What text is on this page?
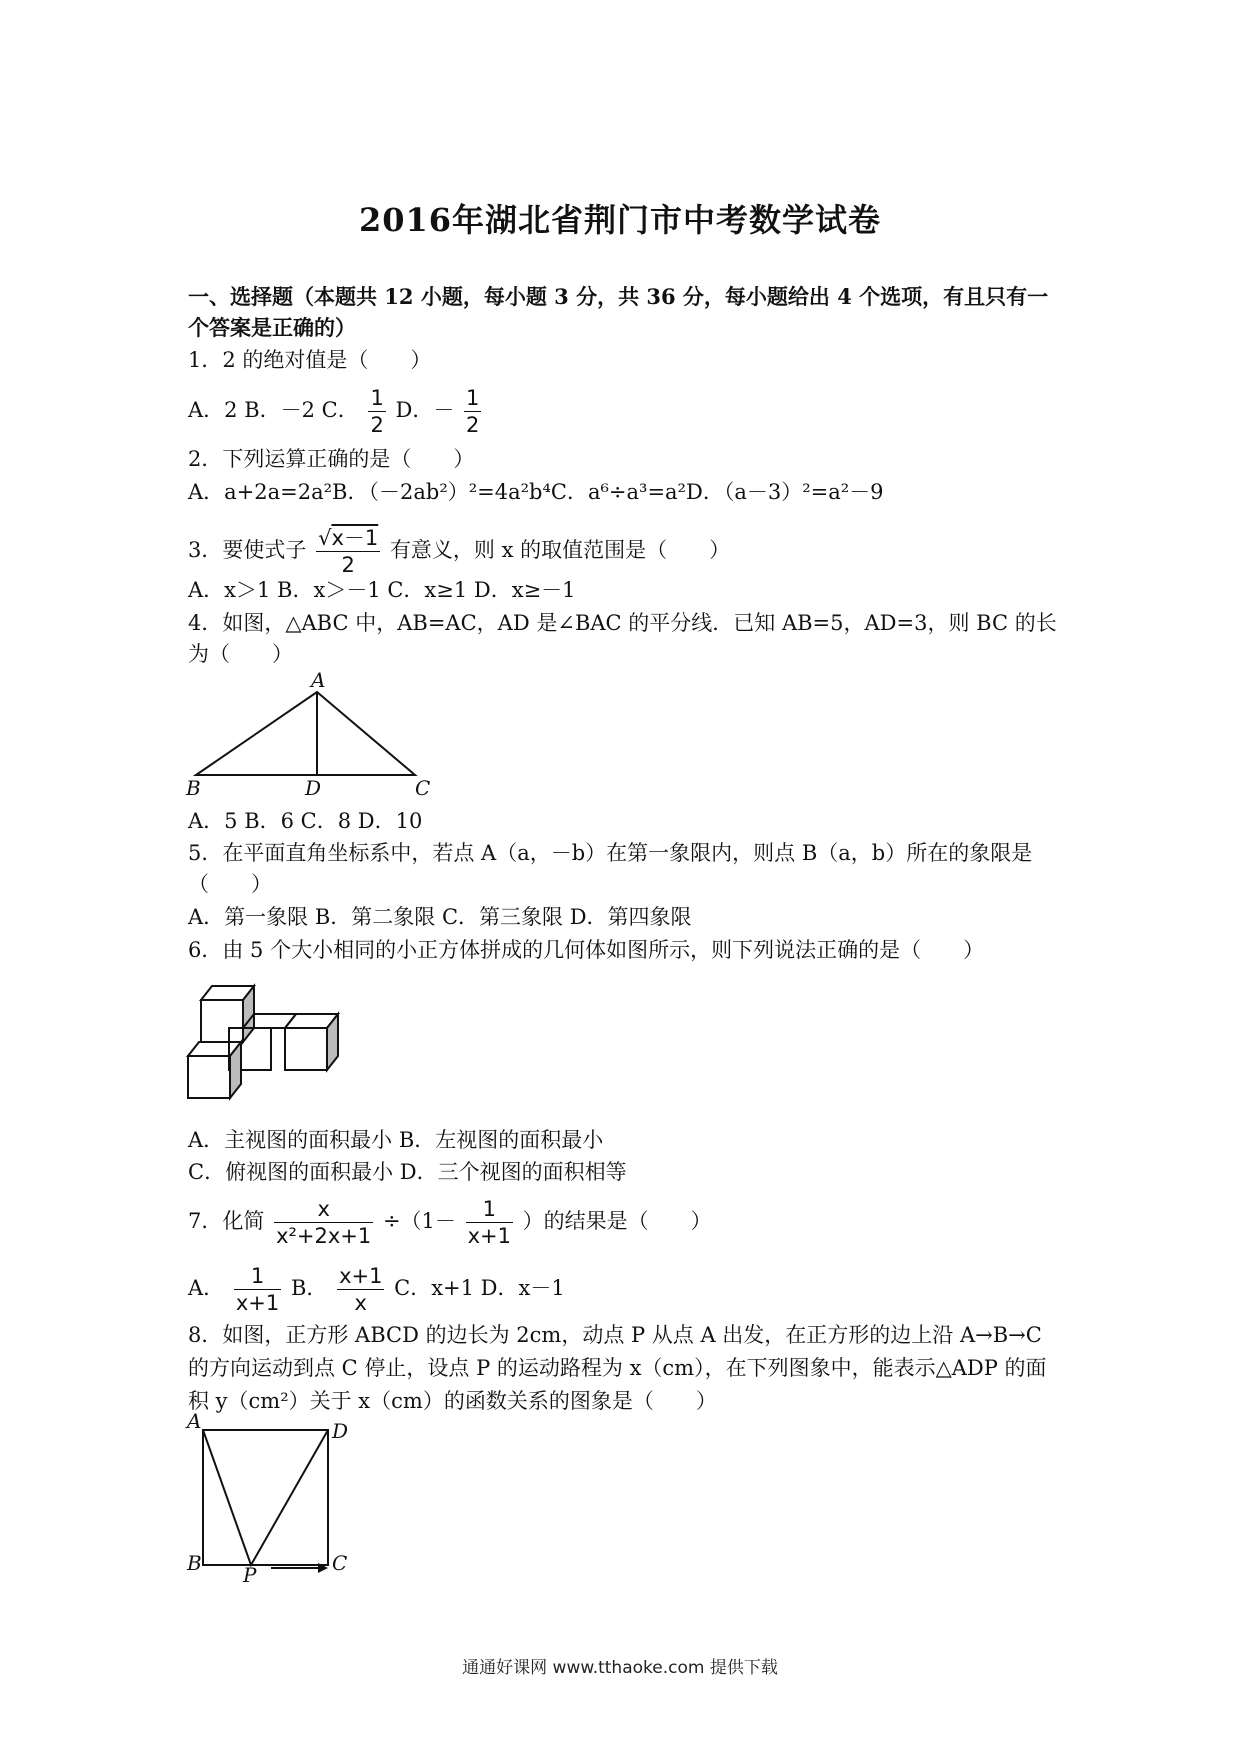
2016年湖北省荆门市中考数学试卷
一、选择题（本题共 12 小题，每小题 3 分，共 36 分，每小题给出 4 个选项，有且只有一
个答案是正确的）
1．2 的绝对值是（　　）
A．2 B．－2 C． $\frac{1}{2}$ D．－ $\frac{1}{2}$
2．下列运算正确的是（　　）
A．a+2a=2a²B．（－2ab²）²=4a²b⁴C．a⁶÷a³=a²D．（a－3）²=a²－9
3．要使式子 $\frac{√x-1}{2}$ 有意义，则 x 的取值范围是（　　）
A．x＞1 B．x＞－1 C．x≥1 D．x≥－1
4．如图，△ABC 中，AB=AC，AD 是∠BAC 的平分线．已知 AB=5，AD=3，则 BC 的长
为（　　）
A
B	D	C
A．5 B．6 C．8 D．10
5．在平面直角坐标系中，若点 A（a，－b）在第一象限内，则点 B（a，b）所在的象限是
（　　）
A．第一象限 B．第二象限 C．第三象限 D．第四象限
6．由 5 个大小相同的小正方体拼成的几何体如图所示，则下列说法正确的是（　　）
A．主视图的面积最小 B．左视图的面积最小
C．俯视图的面积最小 D．三个视图的面积相等
7．化简 $\frac{x}{\text{x²+2x+1}} \div(1- \frac{1}{x+1}$ ）的结果是（　　）
A． $\frac{1}{x+1}$ B． $\frac{x+1}{x}$ C．x+1 D．x－1
8．如图，正方形 ABCD 的边长为 2cm，动点 P 从点 A 出发，在正方形的边上沿 A→B→C
的方向运动到点 C 停止，设点 P 的运动路程为 x（cm），在下列图象中，能表示△ADP 的面
积 y（cm²）关于 x（cm）的函数关系的图象是（　　）
A	D
B	C
P
通通好课网 www.tthaoke.com 提供下载
